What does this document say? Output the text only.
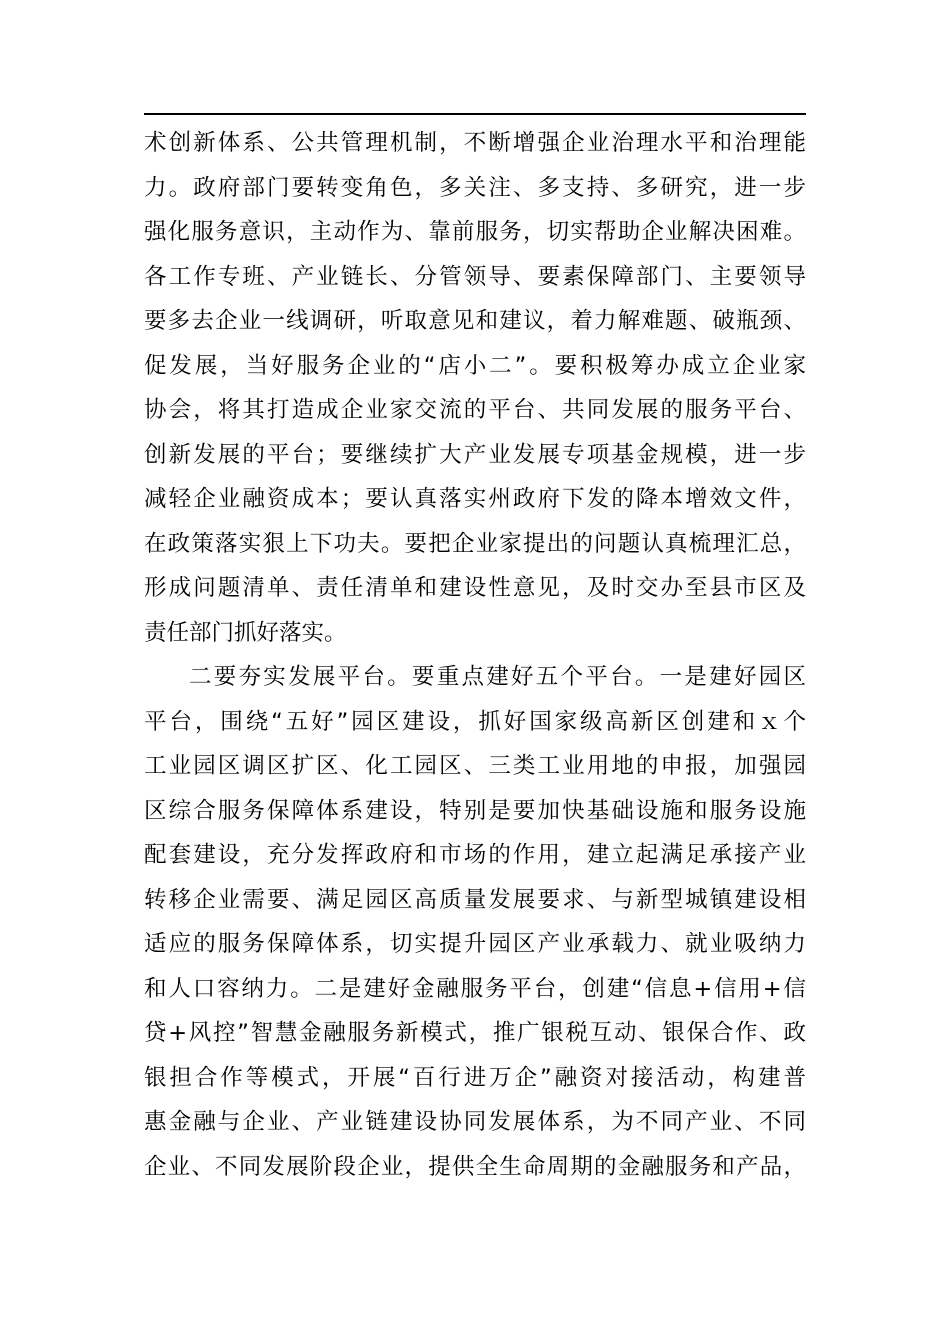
术创新体系、公共管理机制，不断增强企业治理水平和治理能
力。政府部门要转变角色，多关注、多支持、多研究，进一步
强化服务意识，主动作为、靠前服务，切实帮助企业解决困难。
各工作专班、产业链长、分管领导、要素保障部门、主要领导
要多去企业一线调研，听取意见和建议，着力解难题、破瓶颈、
促发展，当好服务企业的“店小二”。要积极筹办成立企业家
协会，将其打造成企业家交流的平台、共同发展的服务平台、
创新发展的平台；要继续扩大产业发展专项基金规模，进一步
减轻企业融资成本；要认真落实州政府下发的降本增效文件，
在政策落实狠上下功夫。要把企业家提出的问题认真梳理汇总，
形成问题清单、责任清单和建设性意见，及时交办至县市区及
责任部门抓好落实。
二要夯实发展平台。要重点建好五个平台。一是建好园区
平台，围绕“五好”园区建设，抓好国家级高新区创建和ｘ个
工业园区调区扩区、化工园区、三类工业用地的申报，加强园
区综合服务保障体系建设，特别是要加快基础设施和服务设施
配套建设，充分发挥政府和市场的作用，建立起满足承接产业
转移企业需要、满足园区高质量发展要求、与新型城镇建设相
适应的服务保障体系，切实提升园区产业承载力、就业吸纳力
和人口容纳力。二是建好金融服务平台，创建“信息+信用+信
贷+风控”智慧金融服务新模式，推广银税互动、银保合作、政
银担合作等模式，开展“百行进万企”融资对接活动，构建普
惠金融与企业、产业链建设协同发展体系，为不同产业、不同
企业、不同发展阶段企业，提供全生命周期的金融服务和产品，
